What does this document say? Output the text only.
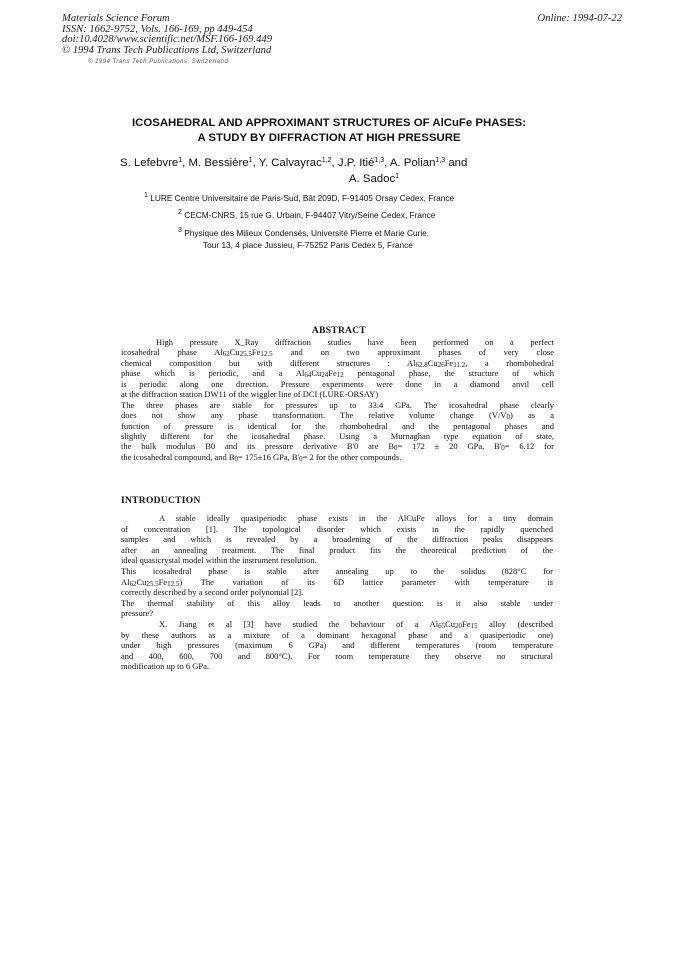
Materials Science Forum
ISSN: 1662-9752, Vols. 166-169, pp 449-454
doi:10.4028/www.scientific.net/MSF.166-169.449
© 1994 Trans Tech Publications Ltd, Switzerland
Online: 1994-07-22
© 1994 Trans Tech Publications, Switzerland
ICOSAHEDRAL AND APPROXIMANT STRUCTURES OF AlCuFe PHASES:
A STUDY BY DIFFRACTION AT HIGH PRESSURE
S. Lefebvre$^1$, M. Bessière$^1$, Y. Calvayrac$^{1,2}$, J.P. Itié$^{1,3}$, A. Polian$^{1,3}$ and
A. Sadoc$^1$
$^1$ LURE Centre Universitaire de Paris-Sud, Bât 209D, F-91405 Orsay Cedex, France
$^2$ CECM-CNRS, 15 rue G. Urbain, F-94407 Vitry/Seine Cedex, France
$^3$ Physique des Milieux Condensés, Université Pierre et Marie Curie,
Tour 13, 4 place Jussieu, F-75252 Paris Cedex 5, France
ABSTRACT
High pressure X_Ray diffraction studies have been performed on a perfect
icosahedral phase $Al_{62}Cu_{25.5}Fe_{12.5}$ and on two approximant phases of very close
chemical composition but with different structures : $Al_{62.8}Cu_{26}Fe_{11.2}$, a rhombohedral
phase which is periodic, and a $Al_{64}Cu_{24}Fe_{12}$ pentagonal phase, the structure of which
is periodic along one direction. Pressure experiments were done in a diamond anvil cell
at the diffraction station DW11 of the wiggler line of DCI (LURE-ORSAY)
The three phases are stable for pressures up to 33.4 GPa. The icosahedral phase clearly
does not show any phase transformation. The relative volume change $(V/V_0)$ as a
function of pressure is identical for the rhombohedral and the pentagonal phases and
slightly different for the icosahedral phase. Using a Murnaghan type equation of state,
the bulk modulus B0 and its pressure derivative B'0 are $B_0= 172 \pm 20$ GPa, $B'_0= 6.12$ for
the icosahedral compound, and $B_0= 175\pm 16$ GPa, $B'_0= 2$ for the other compounds.
INTRODUCTION
A stable ideally quasiperiodic phase exists in the AlCuFe alloys for a tiny domain
of concentration [1]. The topological disorder which exists in the rapidly quenched
samples and which is revealed by a broadening of the diffraction peaks disappears
after an annealing treatment. The final product fits the theoretical prediction of the
ideal quasicrystal model within the instrument resolution.
This icosahedral phase is stable after annealing up to the solidus (828°C for
$Al_{62}Cu_{25.5}Fe_{12.5}$) The variation of its 6D lattice parameter with temperature is
correctly described by a second order polynomial [2].
The thermal stability of this alloy leads to another question: is it also stable under
pressure?
X. Jiang et al [3] have studied the behaviour of a $Al_{65}Cu_{20}Fe_{15}$ alloy (described
by these authors as a mixture of a dominant hexagonal phase and a quasiperiodic one)
under high pressures (maximum 6 GPa) and different temperatures (room temperature
and 400, 600, 700 and 800°C). For room temperature they observe no structural
modification up to 6 GPa.
